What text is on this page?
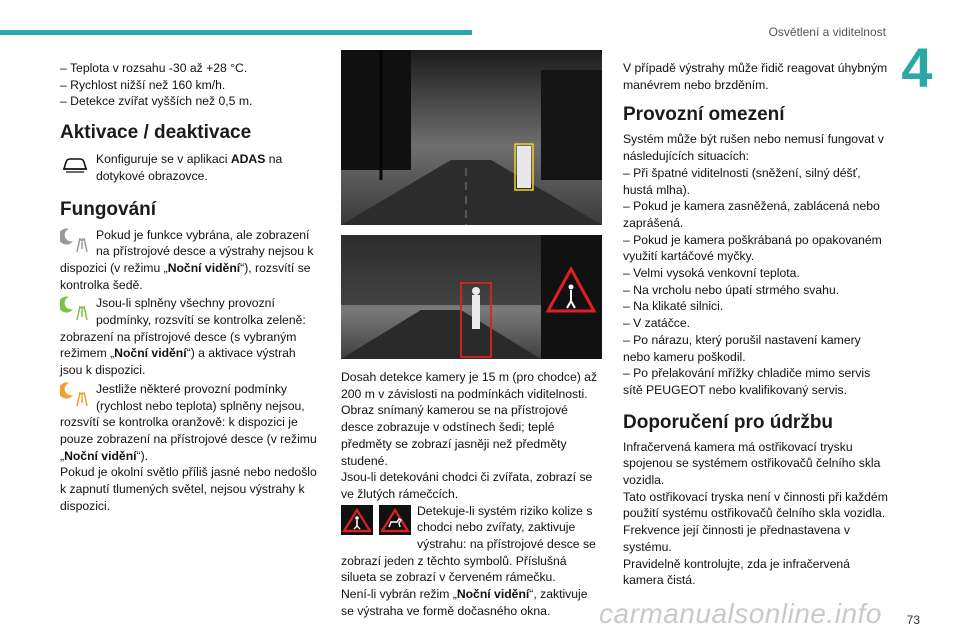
Osvětlení a viditelnost
4

– Teplota v rozsahu -30 až +28 °C.

– Rychlost nižší než 160 km/h.

– Detekce zvířat vyšších než 0,5 m.

Aktivace / deaktivace

Konfiguruje se v aplikaci ADAS na dotykové obrazovce.

Fungování

Pokud je funkce vybrána, ale zobrazení na přístrojové desce a výstrahy nejsou k dispozici (v režimu „Noční vidění“), rozsvítí se kontrolka šedě.

Jsou-li splněny všechny provozní podmínky, rozsvítí se kontrolka zeleně: zobrazení na přístrojové desce (s vybraným režimem „Noční vidění“) a aktivace výstrah jsou k dispozici.

Jestliže některé provozní podmínky (rychlost nebo teplota) splněny nejsou, rozsvítí se kontrolka oranžově: k dispozici je pouze zobrazení na přístrojové desce (v režimu „Noční vidění“).

Pokud je okolní světlo příliš jasné nebo nedošlo k zapnutí tlumených světel, nejsou výstrahy k dispozici.

Dosah detekce kamery je 15 m (pro chodce) až 200 m v závislosti na podmínkách viditelnosti.

Obraz snímaný kamerou se na přístrojové desce zobrazuje v odstínech šedi; teplé předměty se zobrazí jasněji než předměty studené.

Jsou-li detekováni chodci či zvířata, zobrazí se ve žlutých rámečcích.

Detekuje-li systém riziko kolize s chodci nebo zvířaty, zaktivuje výstrahu: na přístrojové desce se zobrazí jeden z těchto symbolů. Příslušná silueta se zobrazí v červeném rámečku.

Není-li vybrán režim „Noční vidění“, zaktivuje se výstraha ve formě dočasného okna.

V případě výstrahy může řidič reagovat úhybným manévrem nebo brzděním.

Provozní omezení

Systém může být rušen nebo nemusí fungovat v následujících situacích:

– Při špatné viditelnosti (sněžení, silný déšť, hustá mlha).

– Pokud je kamera zasněžená, zablácená nebo zaprášená.

– Pokud je kamera poškrábaná po opakovaném využití kartáčové myčky.

– Velmi vysoká venkovní teplota.

– Na vrcholu nebo úpatí strmého svahu.

– Na klikaté silnici.

– V zatáčce.

– Po nárazu, který porušil nastavení kamery nebo kameru poškodil.

– Po přelakování mřížky chladiče mimo servis sítě PEUGEOT nebo kvalifikovaný servis.

Doporučení pro údržbu

Infračervená kamera má ostřikovací trysku spojenou se systémem ostřikovačů čelního skla vozidla.

Tato ostřikovací tryska není v činnosti při každém použití systému ostřikovačů čelního skla vozidla. Frekvence její činnosti je přednastavena v systému.

Pravidelně kontrolujte, zda je infračervená kamera čistá.

carmanualsonline.info 73
